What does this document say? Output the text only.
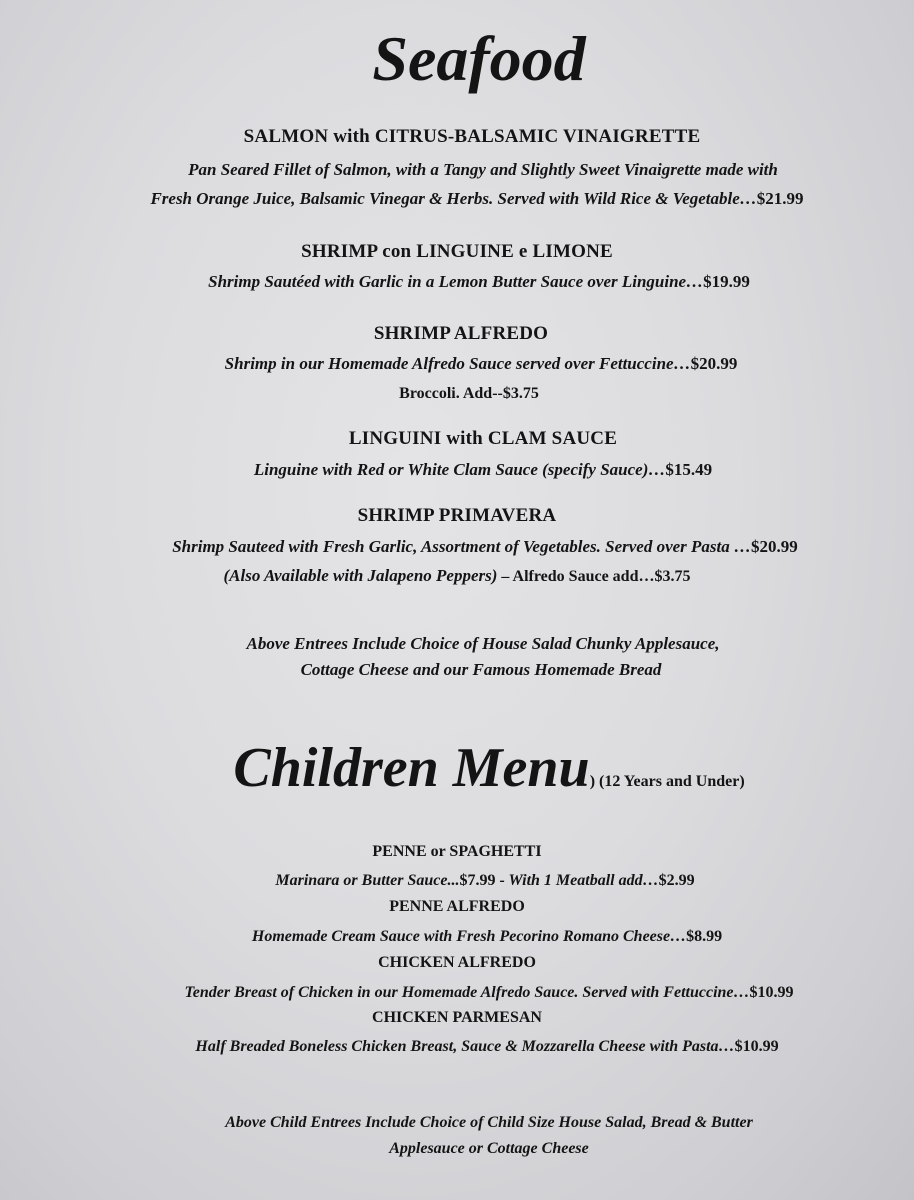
Seafood
SALMON with CITRUS-BALSAMIC VINAIGRETTE
Pan Seared Fillet of Salmon, with a Tangy and Slightly Sweet Vinaigrette made with
Fresh Orange Juice, Balsamic Vinegar & Herbs. Served with Wild Rice & Vegetable…$21.99
SHRIMP con LINGUINE e LIMONE
Shrimp Sautéed with Garlic in a Lemon Butter Sauce over Linguine…$19.99
SHRIMP ALFREDO
Shrimp in our Homemade Alfredo Sauce served over Fettuccine…$20.99
Broccoli. Add--$3.75
LINGUINI with CLAM SAUCE
Linguine with Red or White Clam Sauce (specify Sauce)…$15.49
SHRIMP PRIMAVERA
Shrimp Sauteed with Fresh Garlic, Assortment of Vegetables. Served over Pasta …$20.99
(Also Available with Jalapeno Peppers) – Alfredo Sauce add…$3.75
Above Entrees Include Choice of House Salad Chunky Applesauce,
Cottage Cheese and our Famous Homemade Bread
Children Menu) (12 Years and Under)
PENNE or SPAGHETTI
Marinara or Butter Sauce...$7.99 - With 1 Meatball add…$2.99
PENNE ALFREDO
Homemade Cream Sauce with Fresh Pecorino Romano Cheese…$8.99
CHICKEN ALFREDO
Tender Breast of Chicken in our Homemade Alfredo Sauce. Served with Fettuccine…$10.99
CHICKEN PARMESAN
Half Breaded Boneless Chicken Breast, Sauce & Mozzarella Cheese with Pasta…$10.99
Above Child Entrees Include Choice of Child Size House Salad, Bread & Butter
Applesauce or Cottage Cheese
